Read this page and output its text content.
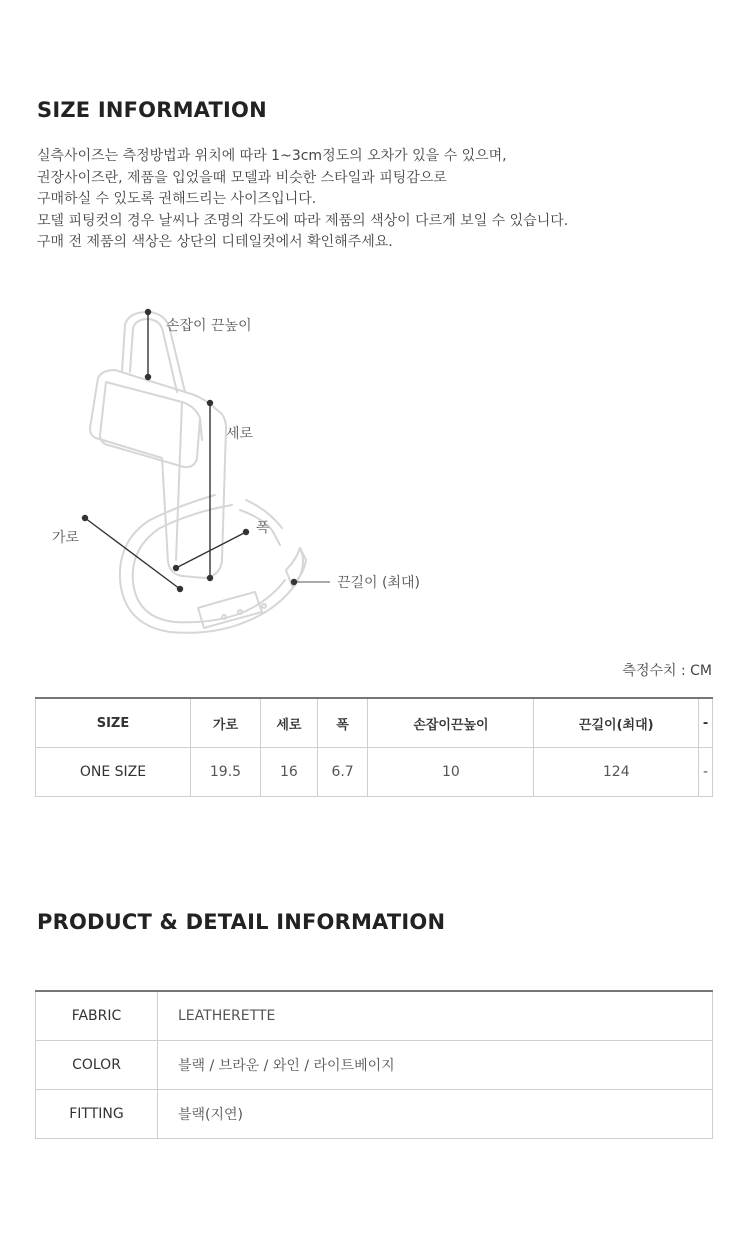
SIZE INFORMATION
실측사이즈는 측정방법과 위치에 따라 1~3cm정도의 오차가 있을 수 있으며,
권장사이즈란, 제품을 입었을때 모델과 비슷한 스타일과 피팅감으로
구매하실 수 있도록 권해드리는 사이즈입니다.
모델 피팅컷의 경우 날씨나 조명의 각도에 따라 제품의 색상이 다르게 보일 수 있습니다.
구매 전 제품의 색상은 상단의 디테일컷에서 확인해주세요.
손잡이 끈높이
세로
폭
가로
끈길이 (최대)
측정수치 : CM
SIZE	가로	세로	폭	손잡이끈높이	끈길이(최대)	-
ONE SIZE	19.5	16	6.7	10	124	-
PRODUCT & DETAIL INFORMATION
FABRIC	LEATHERETTE
COLOR	블랙 / 브라운 / 와인 / 라이트베이지
FITTING	블랙(지연)
